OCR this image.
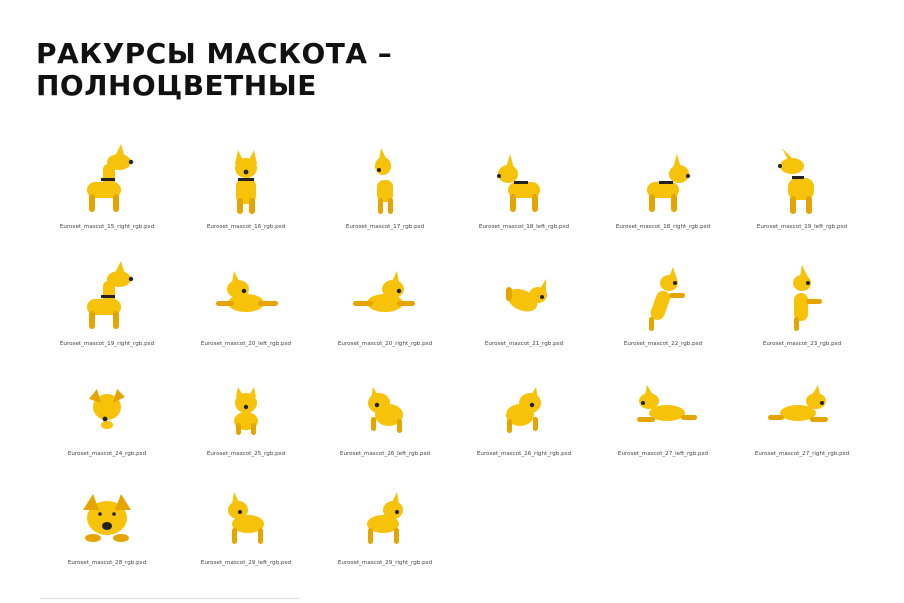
РАКУРСЫ МАСКОТА –
ПОЛНОЦВЕТНЫЕ
Euroset_mascot_15_right_rgb.psd	Euroset_mascot_16_rgb.psd	Euroset_mascot_17_rgb.psd	Euroset_mascot_18_left_rgb.psd	Euroset_mascot_18_right_rgb.psd	Euroset_mascot_19_left_rgb.psd
Euroset_mascot_19_right_rgb.psd	Euroset_mascot_20_left_rgb.psd	Euroset_mascot_20_right_rgb.psd	Euroset_mascot_21_rgb.psd	Euroset_mascot_22_rgb.psd	Euroset_mascot_23_rgb.psd
Euroset_mascot_24_rgb.psd	Euroset_mascot_25_rgb.psd	Euroset_mascot_26_left_rgb.psd	Euroset_mascot_26_right_rgb.psd	Euroset_mascot_27_left_rgb.psd	Euroset_mascot_27_right_rgb.psd
Euroset_mascot_28_rgb.psd	Euroset_mascot_29_left_rgb.psd	Euroset_mascot_29_right_rgb.psd
